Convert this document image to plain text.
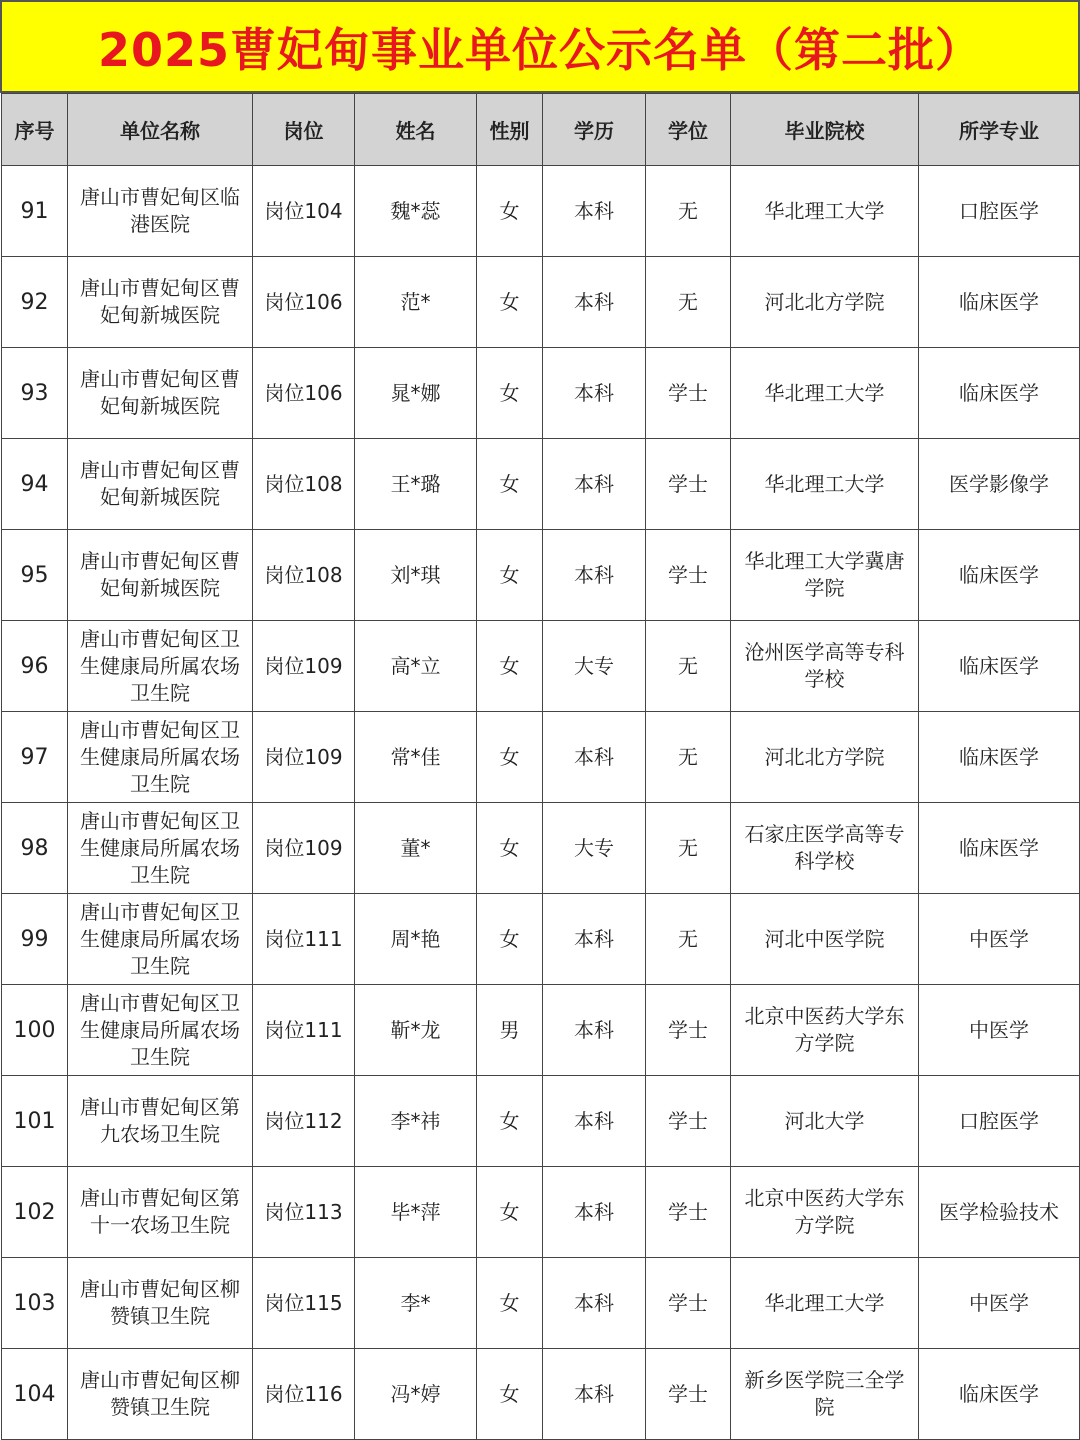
2025曹妃甸事业单位公示名单（第二批）
序号	单位名称	岗位	姓名	性别	学历	学位	毕业院校	所学专业
91	唐山市曹妃甸区临港医院	岗位104	魏*蕊	女	本科	无	华北理工大学	口腔医学
92	唐山市曹妃甸区曹妃甸新城医院	岗位106	范*	女	本科	无	河北北方学院	临床医学
93	唐山市曹妃甸区曹妃甸新城医院	岗位106	晁*娜	女	本科	学士	华北理工大学	临床医学
94	唐山市曹妃甸区曹妃甸新城医院	岗位108	王*璐	女	本科	学士	华北理工大学	医学影像学
95	唐山市曹妃甸区曹妃甸新城医院	岗位108	刘*琪	女	本科	学士	华北理工大学冀唐学院	临床医学
96	唐山市曹妃甸区卫生健康局所属农场卫生院	岗位109	高*立	女	大专	无	沧州医学高等专科学校	临床医学
97	唐山市曹妃甸区卫生健康局所属农场卫生院	岗位109	常*佳	女	本科	无	河北北方学院	临床医学
98	唐山市曹妃甸区卫生健康局所属农场卫生院	岗位109	董*	女	大专	无	石家庄医学高等专科学校	临床医学
99	唐山市曹妃甸区卫生健康局所属农场卫生院	岗位111	周*艳	女	本科	无	河北中医学院	中医学
100	唐山市曹妃甸区卫生健康局所属农场卫生院	岗位111	靳*龙	男	本科	学士	北京中医药大学东方学院	中医学
101	唐山市曹妃甸区第九农场卫生院	岗位112	李*祎	女	本科	学士	河北大学	口腔医学
102	唐山市曹妃甸区第十一农场卫生院	岗位113	毕*萍	女	本科	学士	北京中医药大学东方学院	医学检验技术
103	唐山市曹妃甸区柳赞镇卫生院	岗位115	李*	女	本科	学士	华北理工大学	中医学
104	唐山市曹妃甸区柳赞镇卫生院	岗位116	冯*婷	女	本科	学士	新乡医学院三全学院	临床医学
